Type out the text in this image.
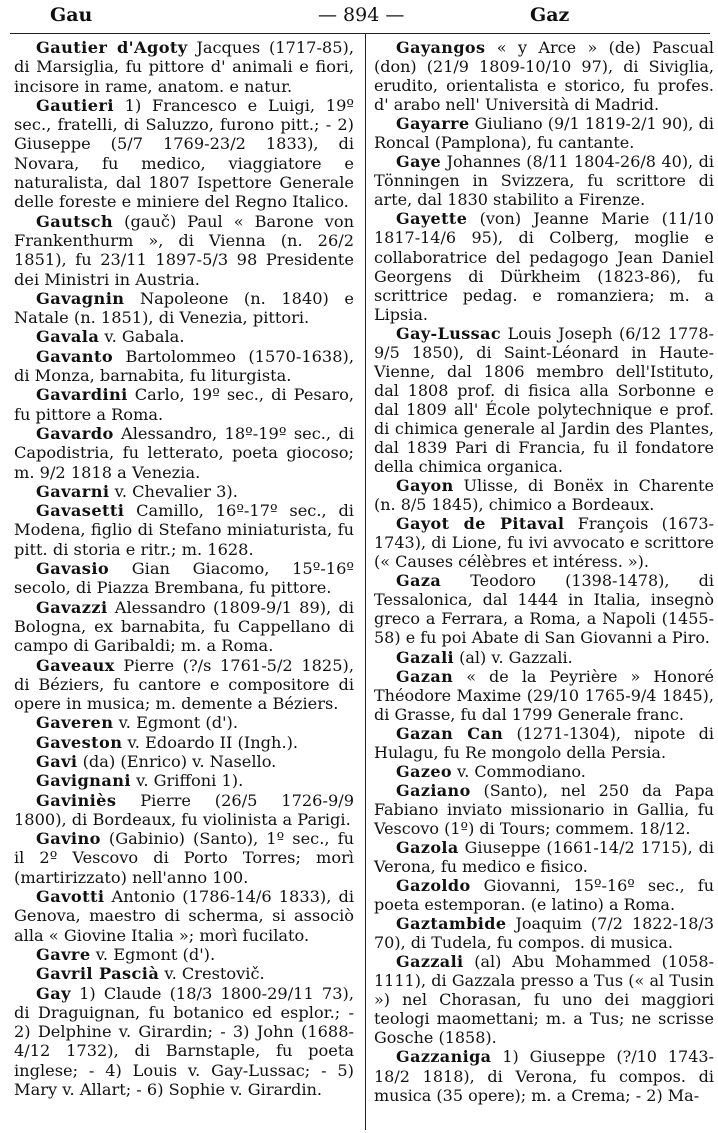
Gau	— 894 —	Gaz

Gautier d'Agoty Jacques (1717-85), di Marsiglia, fu pittore d' animali e fiori, incisore in rame, anatom. e natur.

Gautieri 1) Francesco e Luigi, 19º sec., fratelli, di Saluzzo, furono pitt.; - 2) Giuseppe (5/7 1769-23/2 1833), di Novara, fu medico, viaggiatore e naturalista, dal 1807 Ispettore Generale delle foreste e miniere del Regno Italico.

Gautsch (gauč) Paul « Barone von Frankenthurm », di Vienna (n. 26/2 1851), fu 23/11 1897-5/3 98 Presidente dei Ministri in Austria.

Gavagnin Napoleone (n. 1840) e Natale (n. 1851), di Venezia, pittori.

Gavala v. Gabala.

Gavanto Bartolommeo (1570-1638), di Monza, barnabita, fu liturgista.

Gavardini Carlo, 19º sec., di Pesaro, fu pittore a Roma.

Gavardo Alessandro, 18º-19º sec., di Capodistria, fu letterato, poeta giocoso; m. 9/2 1818 a Venezia.

Gavarni v. Chevalier 3).

Gavasetti Camillo, 16º-17º sec., di Modena, figlio di Stefano miniaturista, fu pitt. di storia e ritr.; m. 1628.

Gavasio Gian Giacomo, 15º-16º secolo, di Piazza Brembana, fu pittore.

Gavazzi Alessandro (1809-9/1 89), di Bologna, ex barnabita, fu Cappellano di campo di Garibaldi; m. a Roma.

Gaveaux Pierre (?/s 1761-5/2 1825), di Béziers, fu cantore e compositore di opere in musica; m. demente a Béziers.

Gaveren v. Egmont (d').

Gaveston v. Edoardo II (Ingh.).

Gavi (da) (Enrico) v. Nasello.

Gavignani v. Griffoni 1).

Gaviniès Pierre (26/5 1726-9/9 1800), di Bordeaux, fu violinista a Parigi.

Gavino (Gabinio) (Santo), 1º sec., fu il 2º Vescovo di Porto Torres; morì (martirizzato) nell'anno 100.

Gavotti Antonio (1786-14/6 1833), di Genova, maestro di scherma, si associò alla « Giovine Italia »; morì fucilato.

Gavre v. Egmont (d').

Gavril Pascià v. Crestovič.

Gay 1) Claude (18/3 1800-29/11 73), di Draguignan, fu botanico ed esplor.; - 2) Delphine v. Girardin; - 3) John (1688-4/12 1732), di Barnstaple, fu poeta inglese; - 4) Louis v. Gay-Lussac; - 5) Mary v. Allart; - 6) Sophie v. Girardin.

Gayangos « y Arce » (de) Pascual (don) (21/9 1809-10/10 97), di Siviglia, erudito, orientalista e storico, fu profes. d' arabo nell' Università di Madrid.

Gayarre Giuliano (9/1 1819-2/1 90), di Roncal (Pamplona), fu cantante.

Gaye Johannes (8/11 1804-26/8 40), di Tönningen in Svizzera, fu scrittore di arte, dal 1830 stabilito a Firenze.

Gayette (von) Jeanne Marie (11/10 1817-14/6 95), di Colberg, moglie e collaboratrice del pedagogo Jean Daniel Georgens di Dürkheim (1823-86), fu scrittrice pedag. e romanziera; m. a Lipsia.

Gay-Lussac Louis Joseph (6/12 1778-9/5 1850), di Saint-Léonard in Haute-Vienne, dal 1806 membro dell'Istituto, dal 1808 prof. di fisica alla Sorbonne e dal 1809 all' École polytechnique e prof. di chimica generale al Jardin des Plantes, dal 1839 Pari di Francia, fu il fondatore della chimica organica.

Gayon Ulisse, di Bonëx in Charente (n. 8/5 1845), chimico a Bordeaux.

Gayot de Pitaval François (1673-1743), di Lione, fu ivi avvocato e scrittore (« Causes célèbres et intéress. »).

Gaza Teodoro (1398-1478), di Tessalonica, dal 1444 in Italia, insegnò greco a Ferrara, a Roma, a Napoli (1455-58) e fu poi Abate di San Giovanni a Piro.

Gazali (al) v. Gazzali.

Gazan « de la Peyrière » Honoré Théodore Maxime (29/10 1765-9/4 1845), di Grasse, fu dal 1799 Generale franc.

Gazan Can (1271-1304), nipote di Hulagu, fu Re mongolo della Persia.

Gazeo v. Commodiano.

Gaziano (Santo), nel 250 da Papa Fabiano inviato missionario in Gallia, fu Vescovo (1º) di Tours; commem. 18/12.

Gazola Giuseppe (1661-14/2 1715), di Verona, fu medico e fisico.

Gazoldo Giovanni, 15º-16º sec., fu poeta estemporan. (e latino) a Roma.

Gaztambide Joaquim (7/2 1822-18/3 70), di Tudela, fu compos. di musica.

Gazzali (al) Abu Mohammed (1058-1111), di Gazzala presso a Tus (« al Tusin ») nel Chorasan, fu uno dei maggiori teologi maomettani; m. a Tus; ne scrisse Gosche (1858).

Gazzaniga 1) Giuseppe (?/10 1743-18/2 1818), di Verona, fu compos. di musica (35 opere); m. a Crema; - 2) Ma-
